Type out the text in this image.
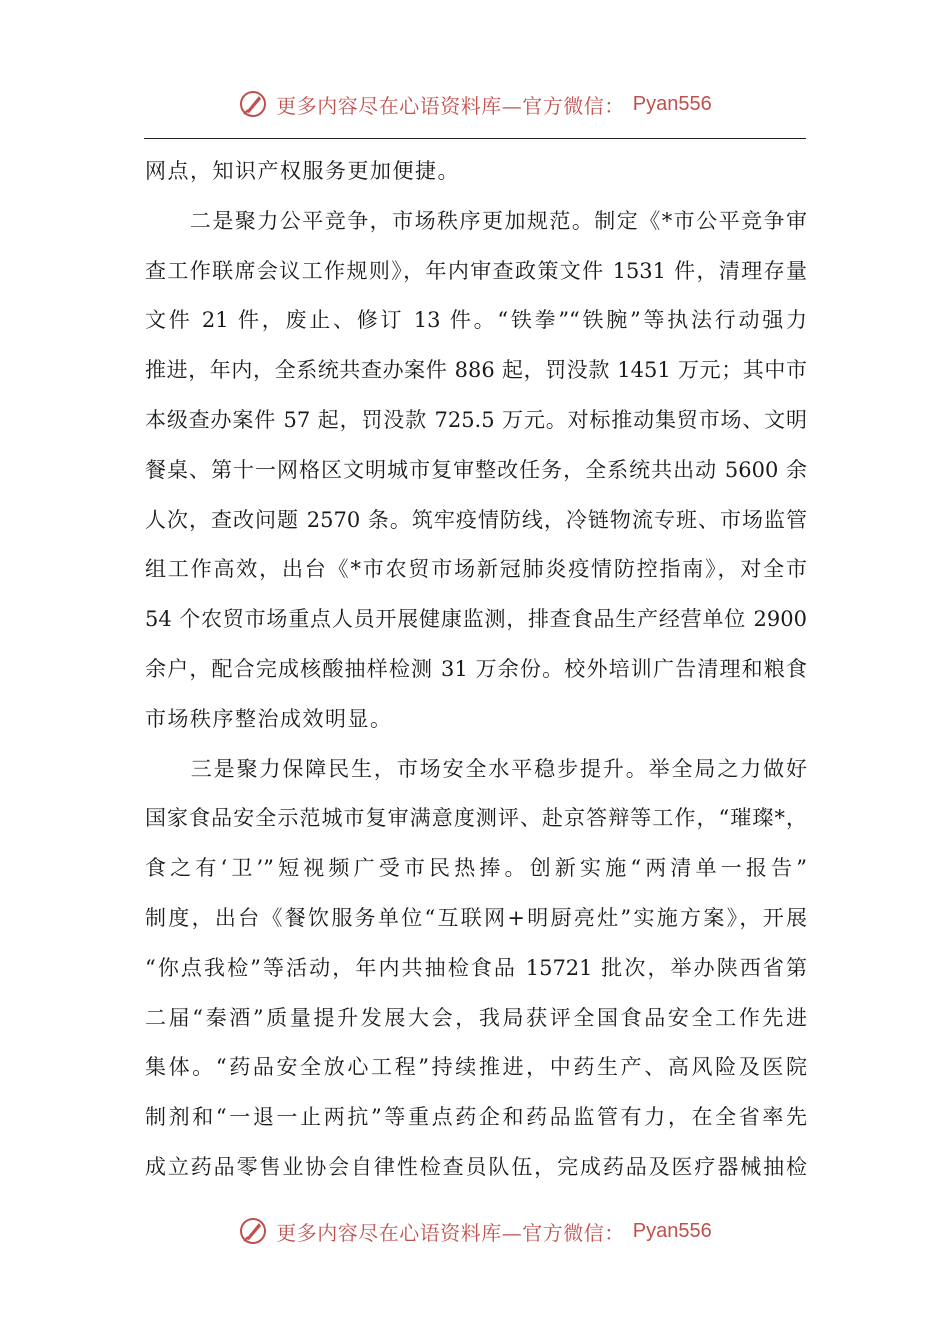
更多内容尽在心语资料库—官方微信： Pyan556
网点，知识产权服务更加便捷。
　　二是聚力公平竞争，市场秩序更加规范。制定《*市公平竞争审
查工作联席会议工作规则》，年内审查政策文件 1531 件，清理存量
文件 21 件，废止、修订 13 件。“铁拳”“铁腕”等执法行动强力
推进，年内，全系统共查办案件 886 起，罚没款 1451 万元；其中市
本级查办案件 57 起，罚没款 725.5 万元。对标推动集贸市场、文明
餐桌、第十一网格区文明城市复审整改任务，全系统共出动 5600 余
人次，查改问题 2570 条。筑牢疫情防线，冷链物流专班、市场监管
组工作高效，出台《*市农贸市场新冠肺炎疫情防控指南》，对全市
54 个农贸市场重点人员开展健康监测，排查食品生产经营单位 2900
余户，配合完成核酸抽样检测 31 万余份。校外培训广告清理和粮食
市场秩序整治成效明显。
　　三是聚力保障民生，市场安全水平稳步提升。举全局之力做好
国家食品安全示范城市复审满意度测评、赴京答辩等工作，“璀璨*，
食之有‘卫’”短视频广受市民热捧。创新实施“两清单一报告”
制度，出台《餐饮服务单位“互联网+明厨亮灶”实施方案》，开展
“你点我检”等活动，年内共抽检食品 15721 批次，举办陕西省第
二届“秦酒”质量提升发展大会，我局获评全国食品安全工作先进
集体。“药品安全放心工程”持续推进，中药生产、高风险及医院
制剂和“一退一止两抗”等重点药企和药品监管有力，在全省率先
成立药品零售业协会自律性检查员队伍，完成药品及医疗器械抽检
更多内容尽在心语资料库—官方微信： Pyan556
